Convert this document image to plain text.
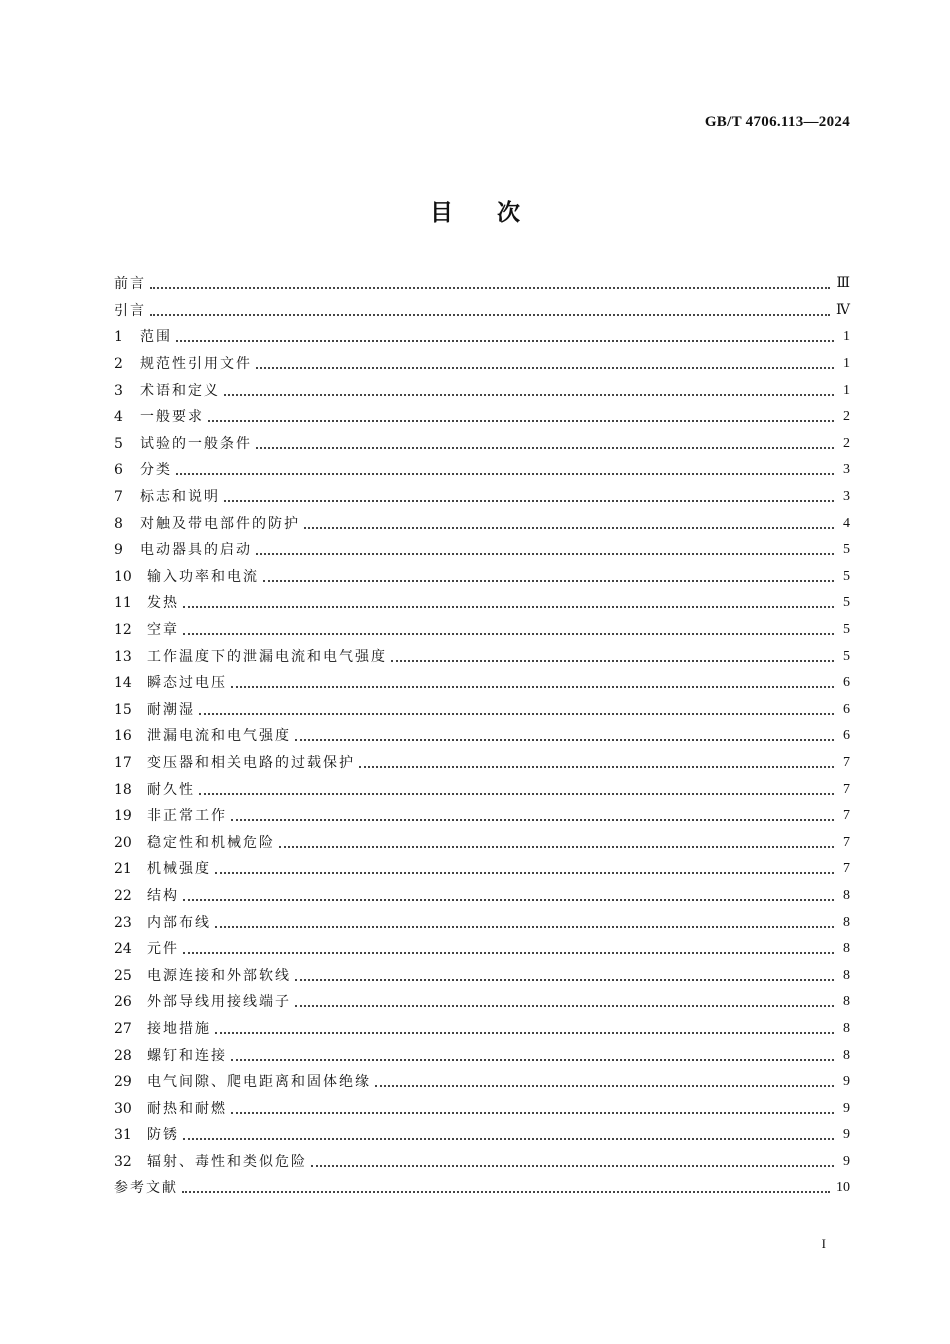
GB/T 4706.113—2024
目次
前言	Ⅲ
引言	Ⅳ
1	范围	1
2	规范性引用文件	1
3	术语和定义	1
4	一般要求	2
5	试验的一般条件	2
6	分类	3
7	标志和说明	3
8	对触及带电部件的防护	4
9	电动器具的启动	5
10	输入功率和电流	5
11	发热	5
12	空章	5
13	工作温度下的泄漏电流和电气强度	5
14	瞬态过电压	6
15	耐潮湿	6
16	泄漏电流和电气强度	6
17	变压器和相关电路的过载保护	7
18	耐久性	7
19	非正常工作	7
20	稳定性和机械危险	7
21	机械强度	7
22	结构	8
23	内部布线	8
24	元件	8
25	电源连接和外部软线	8
26	外部导线用接线端子	8
27	接地措施	8
28	螺钉和连接	8
29	电气间隙、爬电距离和固体绝缘	9
30	耐热和耐燃	9
31	防锈	9
32	辐射、毒性和类似危险	9
参考文献	10
I
